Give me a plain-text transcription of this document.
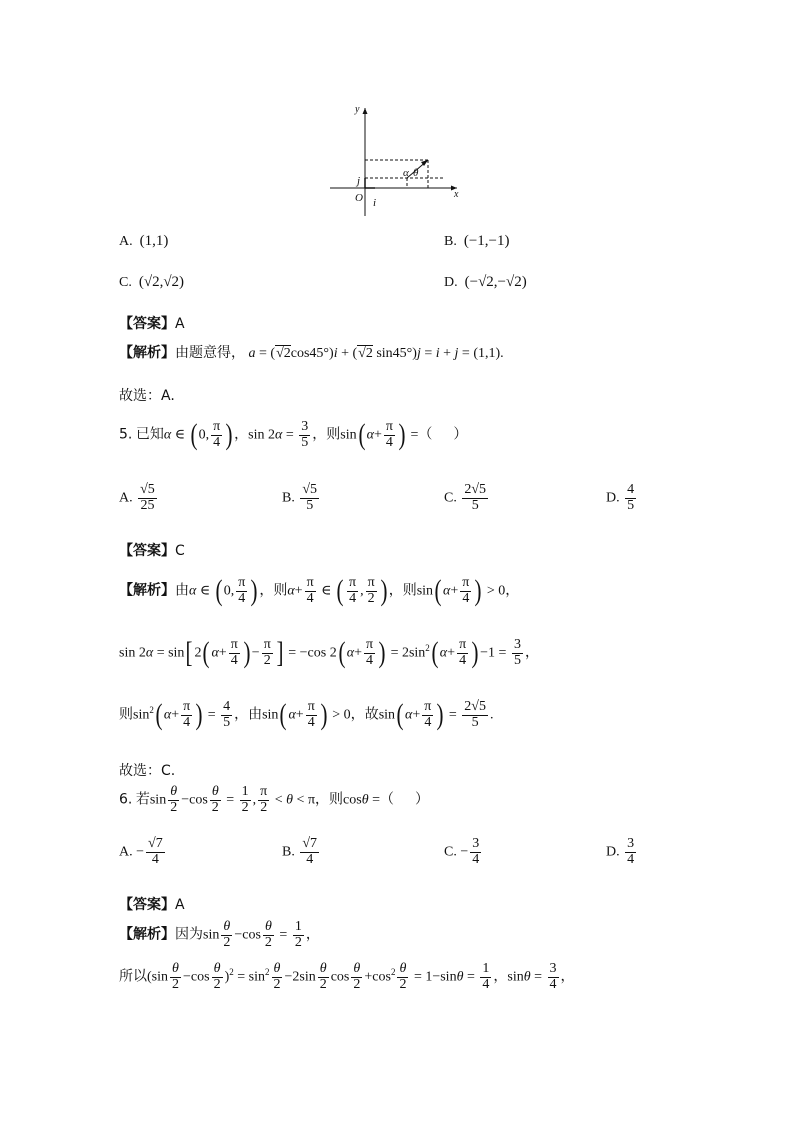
y
x
O i
j
α θ
A. (1,1)	B. (−1,−1)
C. (√2,√2)	D. (−√2,−√2)
【答案】A
【解析】由题意得， a = (√2cos45°)i + (√2 sin45°)j = i + j = (1,1).
故选：A.
5. 已知α ∈ ( 0, $\frac{\pi}{4}$ ) ，$\sin 2\alpha = \frac{3}{5}$ ，则sin( $\alpha+ \frac{\pi}{4}$ ) =（      ）
A. $\frac{√5}{25}$	B. $\frac{√5}{5}$	C. $\frac{2√5}{5}$	D. $\frac{4}{5}$
【答案】C
【解析】由α ∈ ( 0, $\frac{\pi}{4}$ ) ，则$\alpha+ \frac{\pi}{4}$ ∈ ( $\frac{\pi}{4}$ , $\frac{\pi}{2}$ ) ，则sin( $\alpha+ \frac{\pi}{4}$ ) > 0，
sin 2α = sin[ 2( $\alpha+ \frac{\pi}{4}$ ) − $\frac{\pi}{2}$ ] = −cos 2( $\alpha+ \frac{\pi}{4}$ ) = $2\sin^2$( $\alpha+ \frac{\pi}{4}$ ) $-1 = \frac{3}{5}$ ，
则$\sin^2$( $\alpha+ \frac{\pi}{4}$ ) = $\frac{4}{5}$ ，由sin( $\alpha+ \frac{\pi}{4}$ ) > 0，故sin( $\alpha+ \frac{\pi}{4}$ ) = $\frac{2√5}{5}$ .
故选：C.
6. 若$\sin \frac{\theta}{2} -\cos \frac{\theta}{2} = \frac{1}{2}$ , $\frac{\pi}{2} < \theta < \pi$，则cosθ =（      ）
A. − $\frac{√7}{4}$	B. $\frac{√7}{4}$	C. − $\frac{3}{4}$	D. $\frac{3}{4}$
【答案】A
【解析】因为$\sin \frac{\theta}{2} -\cos \frac{\theta}{2} = \frac{1}{2}$ ，
所以$(\sin \frac{\theta}{2} -\cos \frac{\theta}{2} )^2 = \sin^2 \frac{\theta}{2} -2\sin \frac{\theta}{2}$ $\cos \frac{\theta}{2} +\cos^2 \frac{\theta}{2} = 1-\sin\theta = \frac{1}{4}$ ，$\sin\theta = \frac{3}{4}$ ，
